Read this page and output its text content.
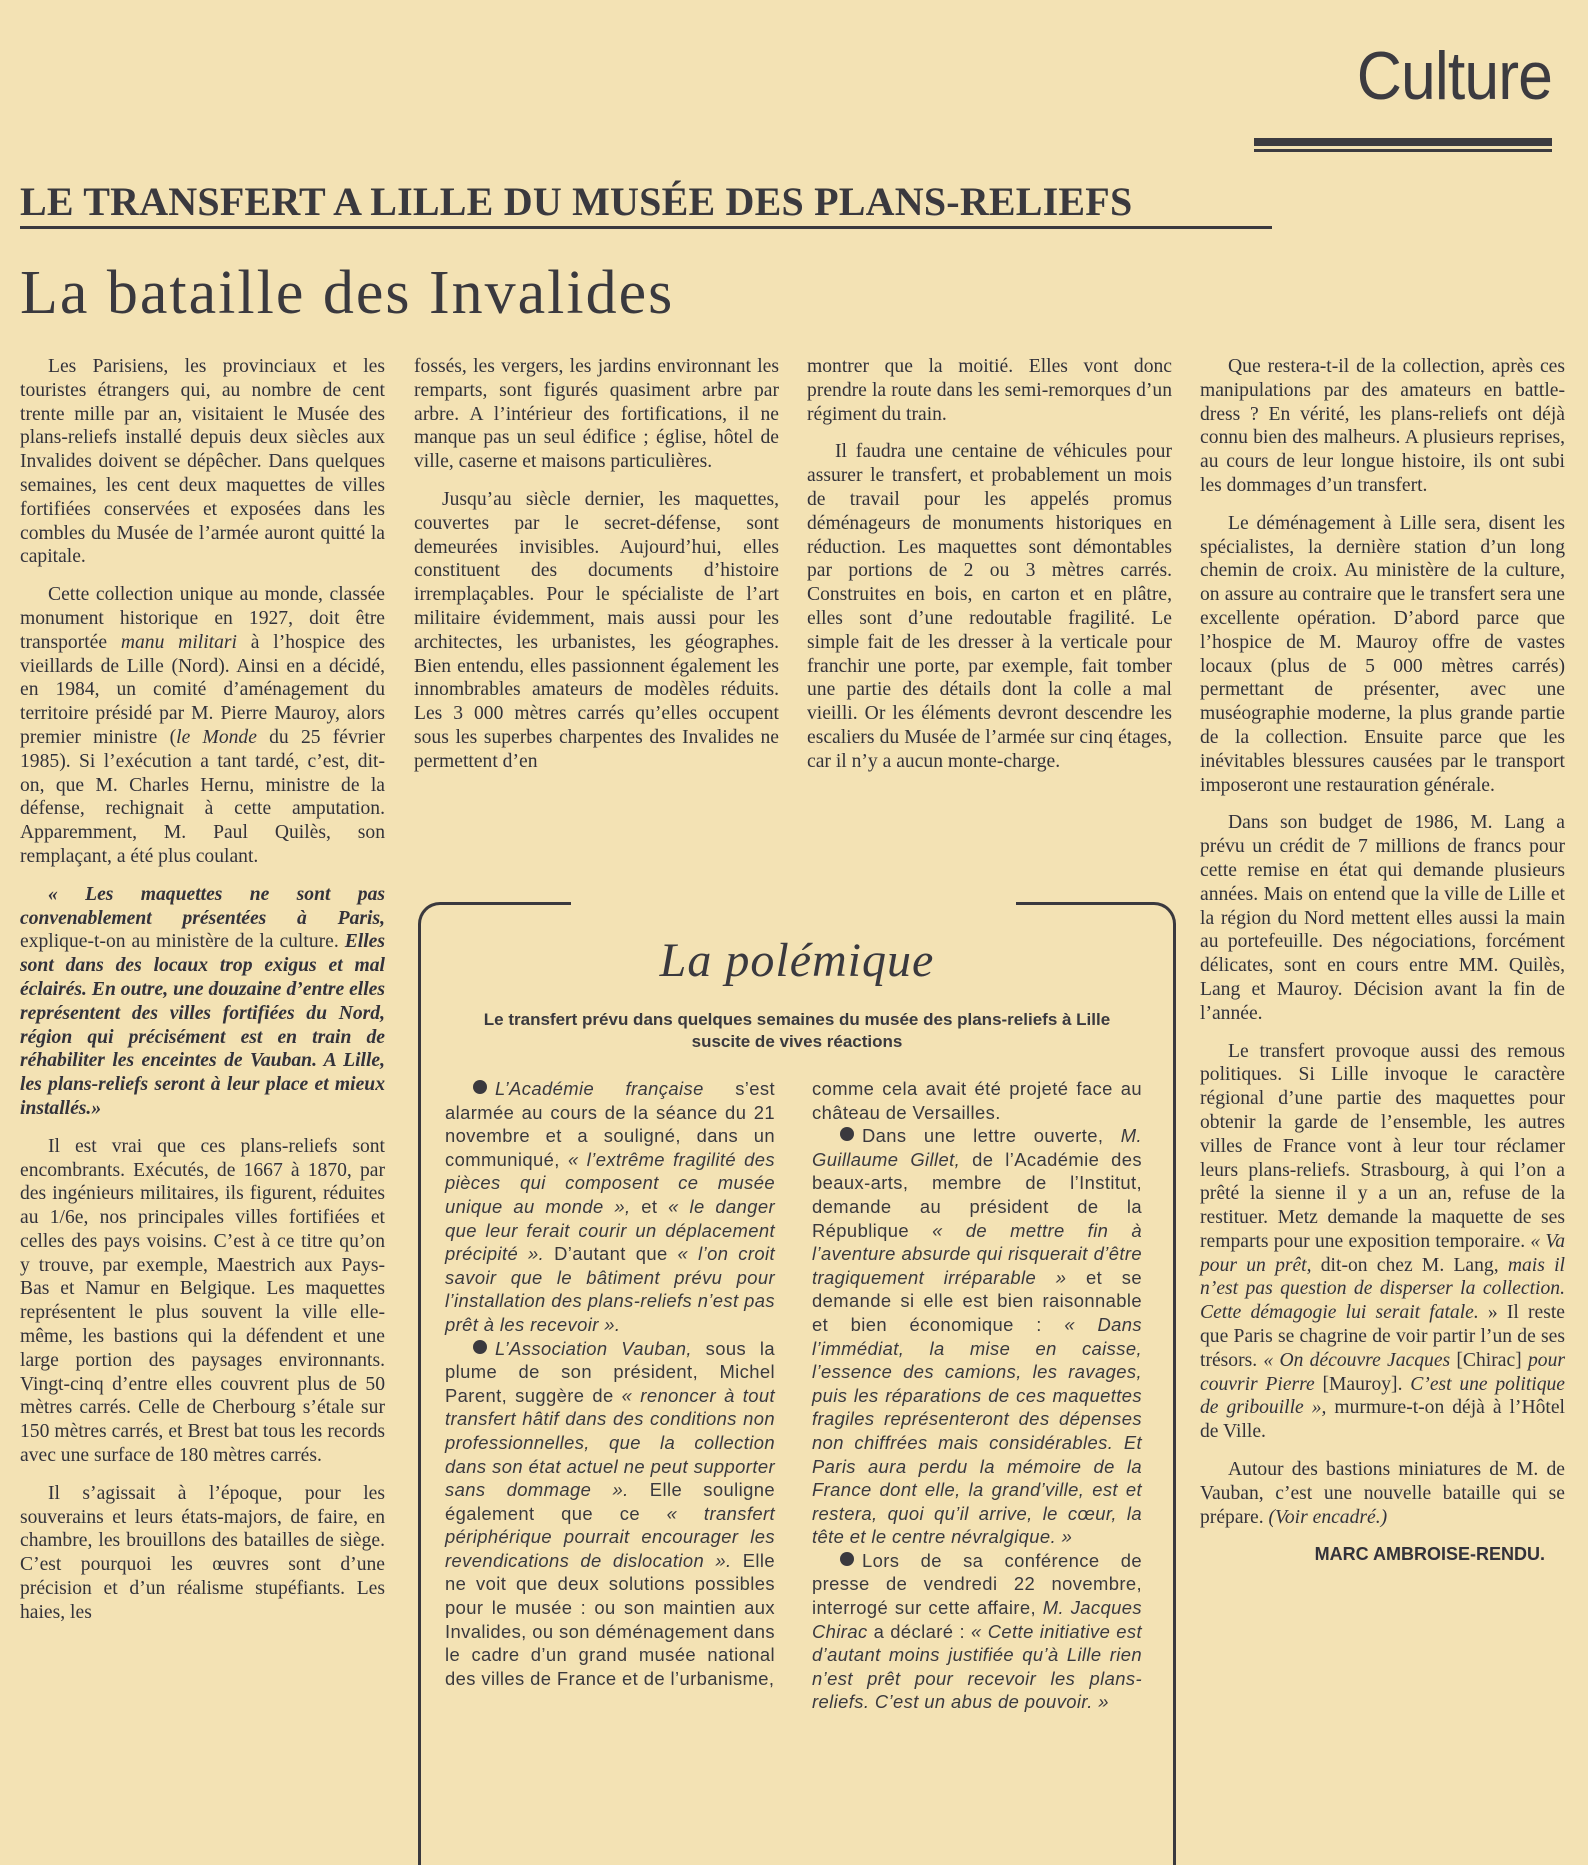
Culture
LE TRANSFERT A LILLE DU MUSÉE DES PLANS-RELIEFS
La bataille des Invalides

Les Parisiens, les provinciaux et les touristes étrangers qui, au nombre de cent trente mille par an, visitaient le Musée des plans-reliefs installé depuis deux siècles aux Invalides doivent se dépêcher. Dans quelques semaines, les cent deux maquettes de villes fortifiées conservées et exposées dans les combles du Musée de l’armée auront quitté la capitale.

Cette collection unique au monde, classée monument historique en 1927, doit être transportée manu militari à l’hospice des vieillards de Lille (Nord). Ainsi en a décidé, en 1984, un comité d’aménagement du territoire présidé par M. Pierre Mauroy, alors premier ministre (le Monde du 25 février 1985). Si l’exécution a tant tardé, c’est, dit-on, que M. Charles Hernu, ministre de la défense, rechignait à cette amputation. Apparemment, M. Paul Quilès, son remplaçant, a été plus coulant.

« Les maquettes ne sont pas convenablement présentées à Paris, explique-t-on au ministère de la culture. Elles sont dans des locaux trop exigus et mal éclairés. En outre, une douzaine d’entre elles représentent des villes fortifiées du Nord, région qui précisément est en train de réhabiliter les enceintes de Vauban. A Lille, les plans-reliefs seront à leur place et mieux installés.»

Il est vrai que ces plans-reliefs sont encombrants. Exécutés, de 1667 à 1870, par des ingénieurs militaires, ils figurent, réduites au 1/6e, nos principales villes fortifiées et celles des pays voisins. C’est à ce titre qu’on y trouve, par exemple, Maestrich aux Pays-Bas et Namur en Belgique. Les maquettes représentent le plus souvent la ville elle-même, les bastions qui la défendent et une large portion des paysages environnants. Vingt-cinq d’entre elles couvrent plus de 50 mètres carrés. Celle de Cherbourg s’étale sur 150 mètres carrés, et Brest bat tous les records avec une surface de 180 mètres carrés.

Il s’agissait à l’époque, pour les souverains et leurs états-majors, de faire, en chambre, les brouillons des batailles de siège. C’est pourquoi les œuvres sont d’une précision et d’un réalisme stupéfiants. Les haies, les

fossés, les vergers, les jardins environnant les remparts, sont figurés quasiment arbre par arbre. A l’intérieur des fortifications, il ne manque pas un seul édifice ; église, hôtel de ville, caserne et maisons particulières.

Jusqu’au siècle dernier, les maquettes, couvertes par le secret-défense, sont demeurées invisibles. Aujourd’hui, elles constituent des documents d’histoire irremplaçables. Pour le spécialiste de l’art militaire évidemment, mais aussi pour les architectes, les urbanistes, les géographes. Bien entendu, elles passionnent également les innombrables amateurs de modèles réduits. Les 3 000 mètres carrés qu’elles occupent sous les superbes charpentes des Invalides ne permettent d’en

montrer que la moitié. Elles vont donc prendre la route dans les semi-remorques d’un régiment du train.

Il faudra une centaine de véhicules pour assurer le transfert, et probablement un mois de travail pour les appelés promus déménageurs de monuments historiques en réduction. Les maquettes sont démontables par portions de 2 ou 3 mètres carrés. Construites en bois, en carton et en plâtre, elles sont d’une redoutable fragilité. Le simple fait de les dresser à la verticale pour franchir une porte, par exemple, fait tomber une partie des détails dont la colle a mal vieilli. Or les éléments devront descendre les escaliers du Musée de l’armée sur cinq étages, car il n’y a aucun monte-charge.

Que restera-t-il de la collection, après ces manipulations par des amateurs en battle-dress ? En vérité, les plans-reliefs ont déjà connu bien des malheurs. A plusieurs reprises, au cours de leur longue histoire, ils ont subi les dommages d’un transfert.

Le déménagement à Lille sera, disent les spécialistes, la dernière station d’un long chemin de croix. Au ministère de la culture, on assure au contraire que le transfert sera une excellente opération. D’abord parce que l’hospice de M. Mauroy offre de vastes locaux (plus de 5 000 mètres carrés) permettant de présenter, avec une muséographie moderne, la plus grande partie de la collection. Ensuite parce que les inévitables blessures causées par le transport imposeront une restauration générale.

Dans son budget de 1986, M. Lang a prévu un crédit de 7 millions de francs pour cette remise en état qui demande plusieurs années. Mais on entend que la ville de Lille et la région du Nord mettent elles aussi la main au portefeuille. Des négociations, forcément délicates, sont en cours entre MM. Quilès, Lang et Mauroy. Décision avant la fin de l’année.

Le transfert provoque aussi des remous politiques. Si Lille invoque le caractère régional d’une partie des maquettes pour obtenir la garde de l’ensemble, les autres villes de France vont à leur tour réclamer leurs plans-reliefs. Strasbourg, à qui l’on a prêté la sienne il y a un an, refuse de la restituer. Metz demande la maquette de ses remparts pour une exposition temporaire. « Va pour un prêt, dit-on chez M. Lang, mais il n’est pas question de disperser la collection. Cette démagogie lui serait fatale. » Il reste que Paris se chagrine de voir partir l’un de ses trésors. « On découvre Jacques [Chirac] pour couvrir Pierre [Mauroy]. C’est une politique de gribouille », murmure-t-on déjà à l’Hôtel de Ville.

Autour des bastions miniatures de M. de Vauban, c’est une nouvelle bataille qui se prépare. (Voir encadré.)

MARC AMBROISE-RENDU.

La polémique
Le transfert prévu dans quelques semaines du musée des plans-reliefs à Lille suscite de vives réactions

L’Académie française s’est alarmée au cours de la séance du 21 novembre et a souligné, dans un communiqué, « l’extrême fragilité des pièces qui composent ce musée unique au monde », et « le danger que leur ferait courir un déplacement précipité ». D’autant que « l’on croit savoir que le bâtiment prévu pour l’installation des plans-reliefs n’est pas prêt à les recevoir ».

L’Association Vauban, sous la plume de son président, Michel Parent, suggère de « renoncer à tout transfert hâtif dans des conditions non professionnelles, que la collection dans son état actuel ne peut supporter sans dommage ». Elle souligne également que ce « transfert périphérique pourrait encourager les revendications de dislocation ». Elle ne voit que deux solutions possibles pour le musée : ou son maintien aux Invalides, ou son déménagement dans le cadre d’un grand musée national des villes de France et de l’urbanisme,

comme cela avait été projeté face au château de Versailles.

Dans une lettre ouverte, M. Guillaume Gillet, de l’Académie des beaux-arts, membre de l’Institut, demande au président de la République « de mettre fin à l’aventure absurde qui risquerait d’être tragiquement irréparable » et se demande si elle est bien raisonnable et bien économique : « Dans l’immédiat, la mise en caisse, l’essence des camions, les ravages, puis les réparations de ces maquettes fragiles représenteront des dépenses non chiffrées mais considérables. Et Paris aura perdu la mémoire de la France dont elle, la grand’ville, est et restera, quoi qu’il arrive, le cœur, la tête et le centre névralgique. »

Lors de sa conférence de presse de vendredi 22 novembre, interrogé sur cette affaire, M. Jacques Chirac a déclaré : « Cette initiative est d’autant moins justifiée qu’à Lille rien n’est prêt pour recevoir les plans-reliefs. C’est un abus de pouvoir. »
